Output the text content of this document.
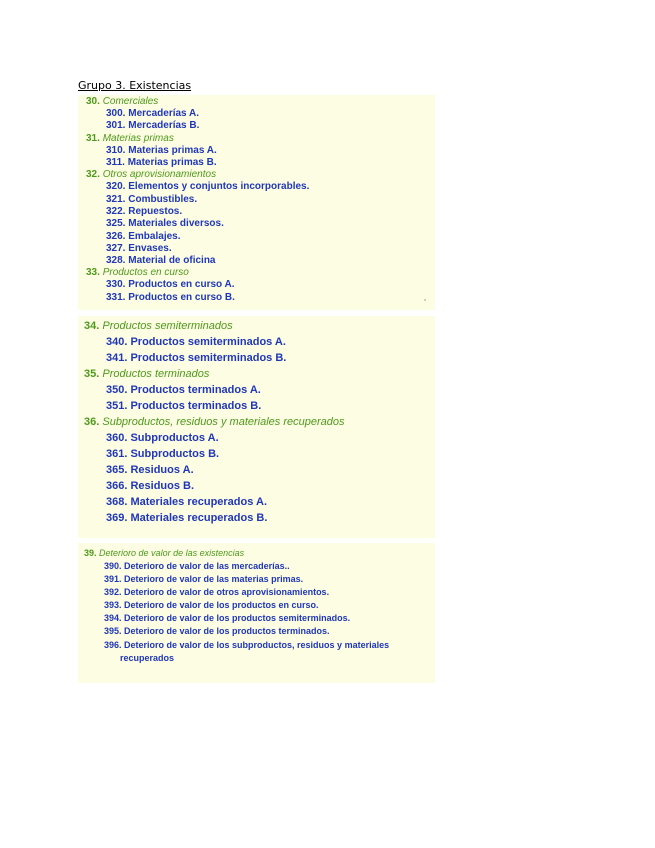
Grupo 3. Existencias
30. Comerciales
300. Mercaderías A.
301. Mercaderías B.
31. Materias primas
310. Materias primas A.
311. Materias primas B.
32. Otros aprovisionamientos
320. Elementos y conjuntos incorporables.
321. Combustibles.
322. Repuestos.
325. Materiales diversos.
326. Embalajes.
327. Envases.
328. Material de oficina
33. Productos en curso
330. Productos en curso A.
331. Productos en curso B.	,
34. Productos semiterminados
340. Productos semiterminados A.
341. Productos semiterminados B.
35. Productos terminados
350. Productos terminados A.
351. Productos terminados B.
36. Subproductos, residuos y materiales recuperados
360. Subproductos A.
361. Subproductos B.
365. Residuos A.
366. Residuos B.
368. Materiales recuperados A.
369. Materiales recuperados B.
39. Deterioro de valor de las existencias
390. Deterioro de valor de las mercaderías..
391. Deterioro de valor de las materias primas.
392. Deterioro de valor de otros aprovisionamientos.
393. Deterioro de valor de los productos en curso.
394. Deterioro de valor de los productos semiterminados.
395. Deterioro de valor de los productos terminados.
396. Deterioro de valor de los subproductos, residuos y materiales
recuperados
